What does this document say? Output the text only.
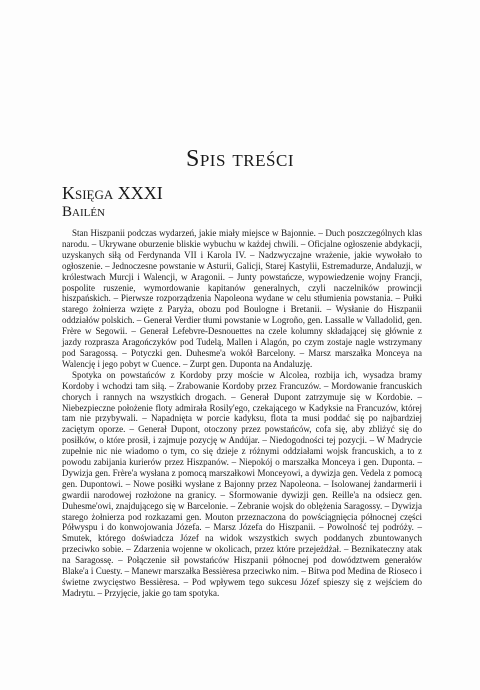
Spis treści
Księga XXXI
Bailén

Stan Hiszpanii podczas wydarzeń, jakie miały miejsce w Bajonnie. – Duch poszczególnych klas narodu. – Ukrywane oburzenie bliskie wybuchu w każdej chwili. – Oficjalne ogłoszenie abdykacji, uzyskanych siłą od Ferdynanda VII i Karola IV. – Nadzwyczajne wrażenie, jakie wywołało to ogłoszenie. – Jednoczesne powstanie w Asturii, Galicji, Starej Kastylii, Estremadurze, Andaluzji, w królestwach Murcji i Walencji, w Aragonii. – Junty powstańcze, wypowiedzenie wojny Francji, pospolite ruszenie, wymordowanie kapitanów generalnych, czyli naczelników prowincji hiszpańskich. – Pierwsze rozporządzenia Napoleona wydane w celu stłumienia powstania. – Pułki starego żołnierza wzięte z Paryża, obozu pod Boulogne i Bretanii. – Wysłanie do Hiszpanii oddziałów polskich. – Generał Verdier tłumi powstanie w Logroño, gen. Lassalle w Valladolid, gen. Frère w Segowii. – Generał Lefebvre-Desnouettes na czele kolumny składającej się głównie z jazdy rozprasza Aragończyków pod Tudelą, Mallen i Alagón, po czym zostaje nagle wstrzymany pod Saragossą. – Potyczki gen. Duhesme'a wokół Barcelony. – Marsz marszałka Monceya na Walencję i jego pobyt w Cuence. – Zurpt gen. Duponta na Andaluzję.

Spotyka on powstańców z Kordoby przy moście w Alcolea, rozbija ich, wysadza bramy Kordoby i wchodzi tam siłą. – Zrabowanie Kordoby przez Francuzów. – Mordowanie francuskich chorych i rannych na wszystkich drogach. – Generał Dupont zatrzymuje się w Kordobie. – Niebezpieczne położenie floty admirała Rosily'ego, czekającego w Kadyksie na Francuzów, której tam nie przybywali. – Napadnięta w porcie kadyksu, flota ta musi poddać się po najbardziej zaciętym oporze. – Generał Dupont, otoczony przez powstańców, cofa się, aby zbliżyć się do posiłków, o które prosił, i zajmuje pozycję w Andújar. – Niedogodności tej pozycji. – W Madrycie zupełnie nic nie wiadomo o tym, co się dzieje z różnymi oddziałami wojsk francuskich, a to z powodu zabijania kurierów przez Hiszpanów. – Niepokój o marszałka Monceya i gen. Duponta. – Dywizja gen. Frère'a wysłana z pomocą marszałkowi Monceyowi, a dywizja gen. Vedela z pomocą gen. Dupontowi. – Nowe posiłki wysłane z Bajonny przez Napoleona. – Isolowanej żandarmerii i gwardii narodowej rozłożone na granicy. – Sformowanie dywizji gen. Reille'a na odsiecz gen. Duhesme'owi, znajdującego się w Barcelonie. – Zebranie wojsk do oblężenia Saragossy. – Dywizja starego żołnierza pod rozkazami gen. Mouton przeznaczona do powściągnięcia północnej części Półwyspu i do konwojowania Józefa. – Marsz Józefa do Hiszpanii. – Powolność tej podróży. – Smutek, którego doświadcza Józef na widok wszystkich swych poddanych zbuntowanych przeciwko sobie. – Zdarzenia wojenne w okolicach, przez które przejeżdżał. – Beznikateczny atak na Saragossę. – Połączenie sił powstańców Hiszpanii północnej pod dowództwem generałów Blake'a i Cuesty. – Manewr marszałka Bessièresa przeciwko nim. – Bitwa pod Medina de Rioseco i świetne zwycięstwo Bessièresa. – Pod wpływem tego sukcesu Józef spieszy się z wejściem do Madrytu. – Przyjęcie, jakie go tam spotyka.
